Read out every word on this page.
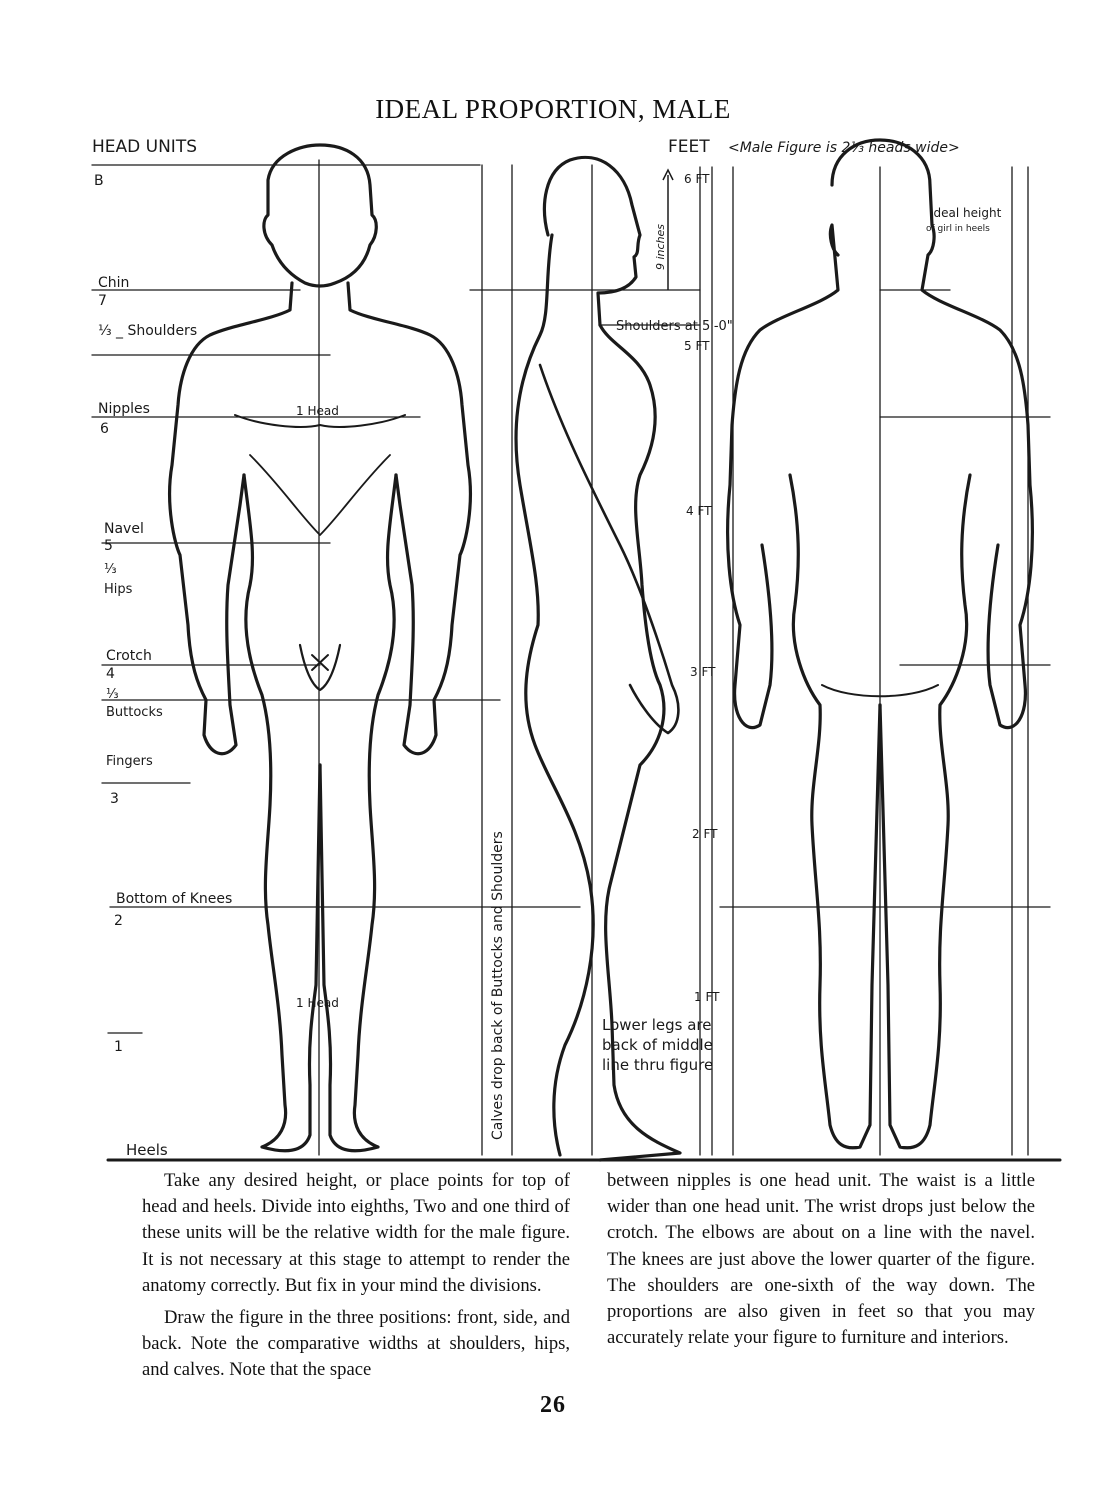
IDEAL PROPORTION, MALE
HEAD UNITS	FEET <Male Figure is 2⅓ heads wide>
B
Chin
7
⅓ _ Shoulders
Nipples
6
Navel
5
⅓
Hips
Crotch
4
⅓
Buttocks
Fingers
3
Bottom of Knees
2
1
Heels
6 FT
5 FT
4 FT
3 FT
2 FT
1 FT
Shoulders at 5'-0"
Ideal height
of girl in heels
1 Head
1 Head
9 inches
Calves drop back of Buttocks and Shoulders	Lower legs are
back of middle
line thru figure

Take any desired height, or place points for top of head and heels. Divide into eighths, Two and one third of these units will be the relative width for the male figure. It is not necessary at this stage to attempt to render the anatomy correctly. But fix in your mind the divisions.

Draw the figure in the three positions: front, side, and back. Note the comparative widths at shoulders, hips, and calves. Note that the space

between nipples is one head unit. The waist is a little wider than one head unit. The wrist drops just below the crotch. The elbows are about on a line with the navel. The knees are just above the lower quarter of the figure. The shoulders are one-sixth of the way down. The proportions are also given in feet so that you may accurately relate your figure to furniture and interiors.

26
